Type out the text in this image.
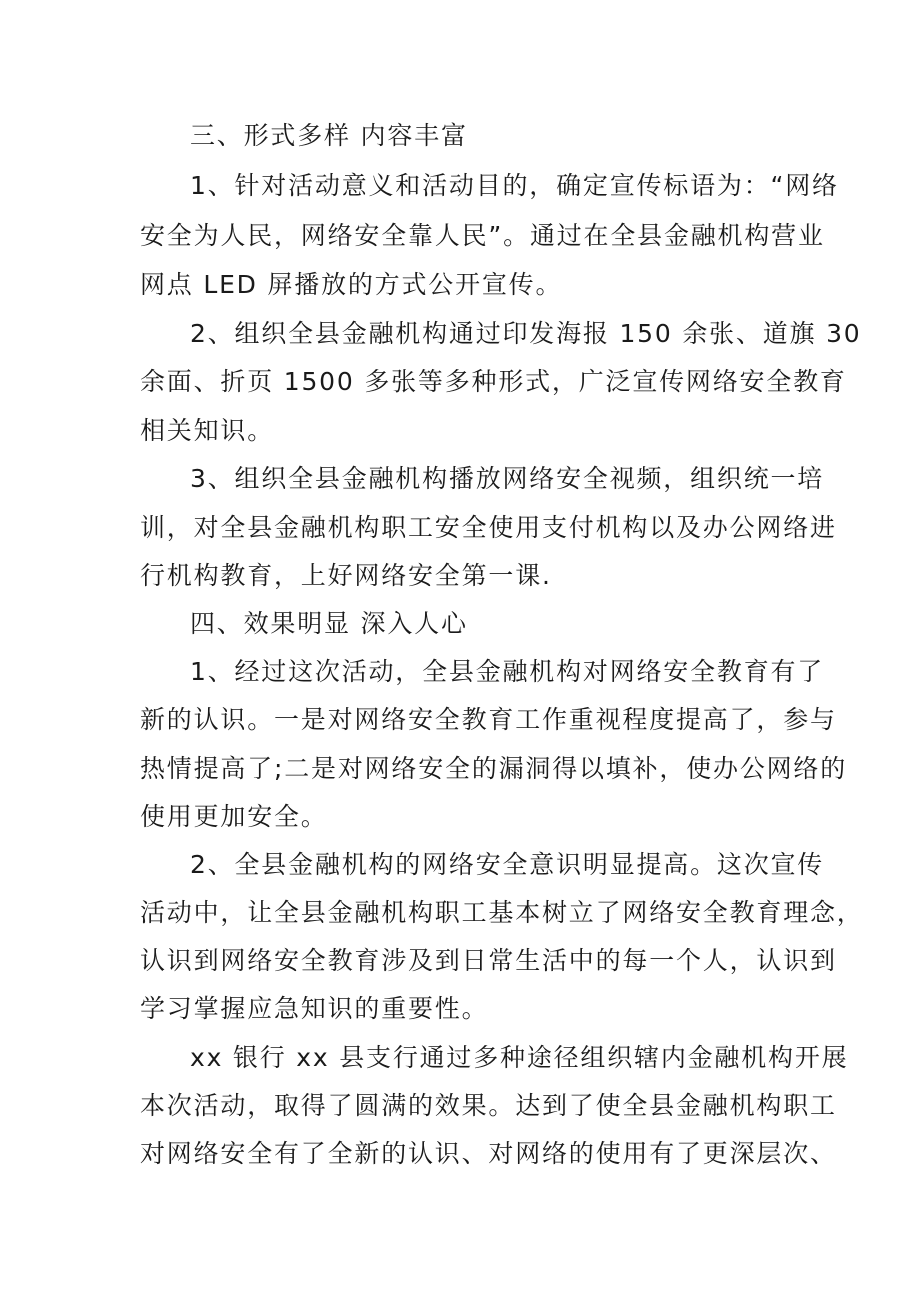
三、形式多样 内容丰富
1、针对活动意义和活动目的，确定宣传标语为：“网络
安全为人民，网络安全靠人民”。通过在全县金融机构营业
网点 LED 屏播放的方式公开宣传。
2、组织全县金融机构通过印发海报 150 余张、道旗 30
余面、折页 1500 多张等多种形式，广泛宣传网络安全教育
相关知识。
3、组织全县金融机构播放网络安全视频，组织统一培
训，对全县金融机构职工安全使用支付机构以及办公网络进
行机构教育，上好网络安全第一课.
四、效果明显 深入人心
1、经过这次活动，全县金融机构对网络安全教育有了
新的认识。一是对网络安全教育工作重视程度提高了，参与
热情提高了;二是对网络安全的漏洞得以填补，使办公网络的
使用更加安全。
2、全县金融机构的网络安全意识明显提高。这次宣传
活动中，让全县金融机构职工基本树立了网络安全教育理念，
认识到网络安全教育涉及到日常生活中的每一个人，认识到
学习掌握应急知识的重要性。
xx 银行 xx 县支行通过多种途径组织辖内金融机构开展
本次活动，取得了圆满的效果。达到了使全县金融机构职工
对网络安全有了全新的认识、对网络的使用有了更深层次、
